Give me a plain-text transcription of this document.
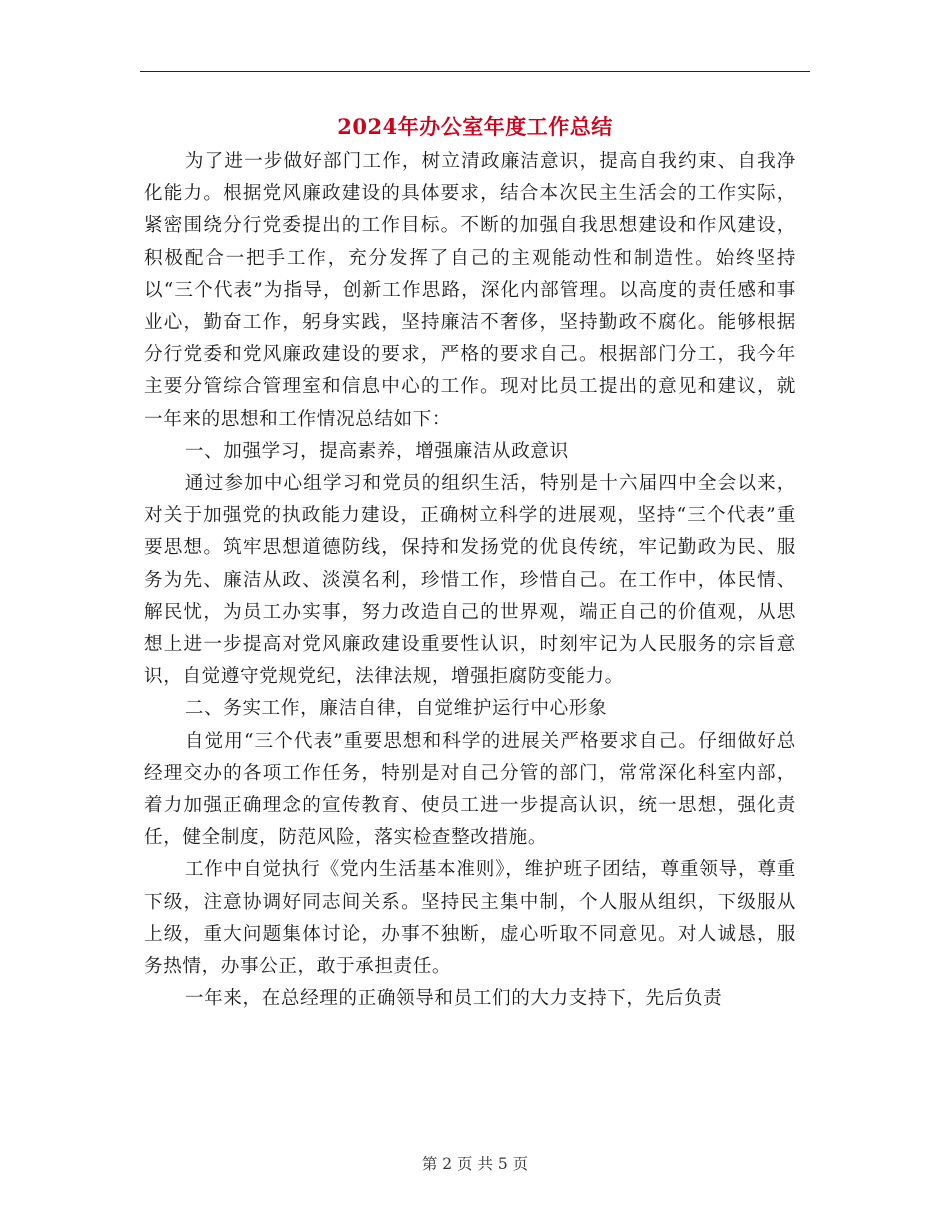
2024年办公室年度工作总结

为了进一步做好部门工作，树立清政廉洁意识，提高自我约束、自我净化能力。根据党风廉政建设的具体要求，结合本次民主生活会的工作实际，紧密围绕分行党委提出的工作目标。不断的加强自我思想建设和作风建设，积极配合一把手工作，充分发挥了自己的主观能动性和制造性。始终坚持以“三个代表”为指导，创新工作思路，深化内部管理。以高度的责任感和事业心，勤奋工作，躬身实践，坚持廉洁不奢侈，坚持勤政不腐化。能够根据分行党委和党风廉政建设的要求，严格的要求自己。根据部门分工，我今年主要分管综合管理室和信息中心的工作。现对比员工提出的意见和建议，就一年来的思想和工作情况总结如下：

一、加强学习，提高素养，增强廉洁从政意识

通过参加中心组学习和党员的组织生活，特别是十六届四中全会以来，对关于加强党的执政能力建设，正确树立科学的进展观，坚持“三个代表”重要思想。筑牢思想道德防线，保持和发扬党的优良传统，牢记勤政为民、服务为先、廉洁从政、淡漠名利，珍惜工作，珍惜自己。在工作中，体民情、解民忧，为员工办实事，努力改造自己的世界观，端正自己的价值观，从思想上进一步提高对党风廉政建设重要性认识，时刻牢记为人民服务的宗旨意识，自觉遵守党规党纪，法律法规，增强拒腐防变能力。

二、务实工作，廉洁自律，自觉维护运行中心形象

自觉用“三个代表”重要思想和科学的进展关严格要求自己。仔细做好总经理交办的各项工作任务，特别是对自己分管的部门，常常深化科室内部，着力加强正确理念的宣传教育、使员工进一步提高认识，统一思想，强化责任，健全制度，防范风险，落实检查整改措施。

工作中自觉执行《党内生活基本准则》，维护班子团结，尊重领导，尊重下级，注意协调好同志间关系。坚持民主集中制，个人服从组织，下级服从上级，重大问题集体讨论，办事不独断，虚心听取不同意见。对人诚恳，服务热情，办事公正，敢于承担责任。

一年来，在总经理的正确领导和员工们的大力支持下，先后负责

第 2 页 共 5 页
